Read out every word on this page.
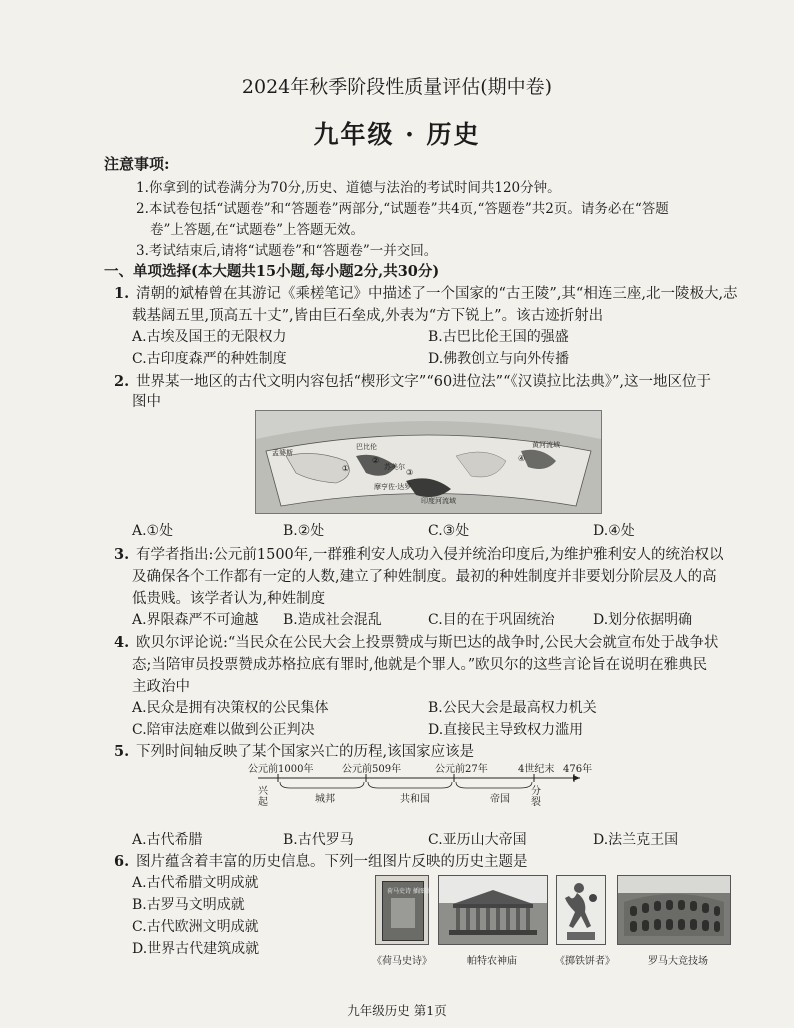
2024年秋季阶段性质量评估(期中卷)
九年级 · 历史
注意事项:
1.你拿到的试卷满分为70分,历史、道德与法治的考试时间共120分钟。
2.本试卷包括“试题卷”和“答题卷”两部分,“试题卷”共4页,“答题卷”共2页。请务必在“答题
卷”上答题,在“试题卷”上答题无效。
3.考试结束后,请将“试题卷”和“答题卷”一并交回。
一、单项选择(本大题共15小题,每小题2分,共30分)
1. 清朝的斌椿曾在其游记《乘槎笔记》中描述了一个国家的“古王陵”,其“相连三座,北一陵极大,志
载基阔五里,顶高五十丈”,皆由巨石垒成,外表为“方下锐上”。该古迹折射出
A.古埃及国王的无限权力	B.古巴比伦王国的强盛
C.古印度森严的种姓制度	D.佛教创立与向外传播
2. 世界某一地区的古代文明内容包括“楔形文字”“60进位法”“《汉谟拉比法典》”,这一地区位于
图中
孟婆斯
巴比伦
苏美尔
摩亨佐·达罗
印度河流域
黄河流域
①
②
③
④
A.①处	B.②处	C.③处	D.④处
3. 有学者指出:公元前1500年,一群雅利安人成功入侵并统治印度后,为维护雅利安人的统治权以
及确保各个工作都有一定的人数,建立了种姓制度。最初的种姓制度并非要划分阶层及人的高
低贵贱。该学者认为,种姓制度
A.界限森严不可逾越 B.造成社会混乱	C.目的在于巩固统治	D.划分依据明确
4. 欧贝尔评论说:“当民众在公民大会上投票赞成与斯巴达的战争时,公民大会就宣布处于战争状
态;当陪审员投票赞成苏格拉底有罪时,他就是个罪人。”欧贝尔的这些言论旨在说明在雅典民
主政治中
A.民众是拥有决策权的公民集体	B.公民大会是最高权力机关
C.陪审法庭难以做到公正判决	D.直接民主导致权力滥用
5. 下列时间轴反映了某个国家兴亡的历程,该国家应该是
公元前1000年	公元前509年	公元前27年	4世纪末 476年
兴起	城邦	共和国	帝国
分裂
A.古代希腊	B.古代罗马	C.亚历山大帝国	D.法兰克王国
6. 图片蕴含着丰富的历史信息。下列一组图片反映的历史主题是
A.古代希腊文明成就
B.古罗马文明成就
C.古代欧洲文明成就
D.世界古代建筑成就
荷马史诗 插图版
《荷马史诗》	帕特农神庙	《掷铁饼者》	罗马大竞技场
九年级历史 第1页
